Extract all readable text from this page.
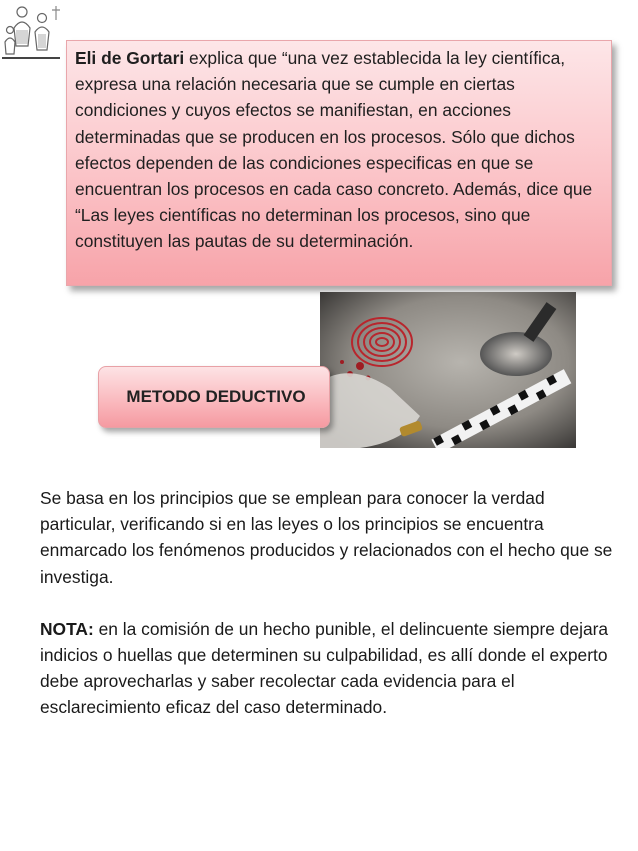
Eli de Gortari explica que “una vez establecida la ley científica, expresa una relación necesaria que se cumple en ciertas condiciones y cuyos efectos se manifiestan, en acciones determinadas que se producen en los procesos. Sólo que dichos efectos dependen de las condiciones especificas en que se encuentran los procesos en cada caso concreto. Además, dice que “Las leyes científicas no determinan los procesos, sino que constituyen las pautas de su determinación.
METODO DEDUCTIVO

Se basa en los principios que se emplean para conocer la verdad particular, verificando si en las leyes o los principios se encuentra enmarcado los fenómenos producidos y relacionados con el hecho que se investiga.

NOTA: en la comisión de un hecho punible, el delincuente siempre dejara indicios o huellas que determinen su culpabilidad, es allí donde el experto debe aprovecharlas y saber recolectar cada evidencia para el esclarecimiento eficaz del caso determinado.
